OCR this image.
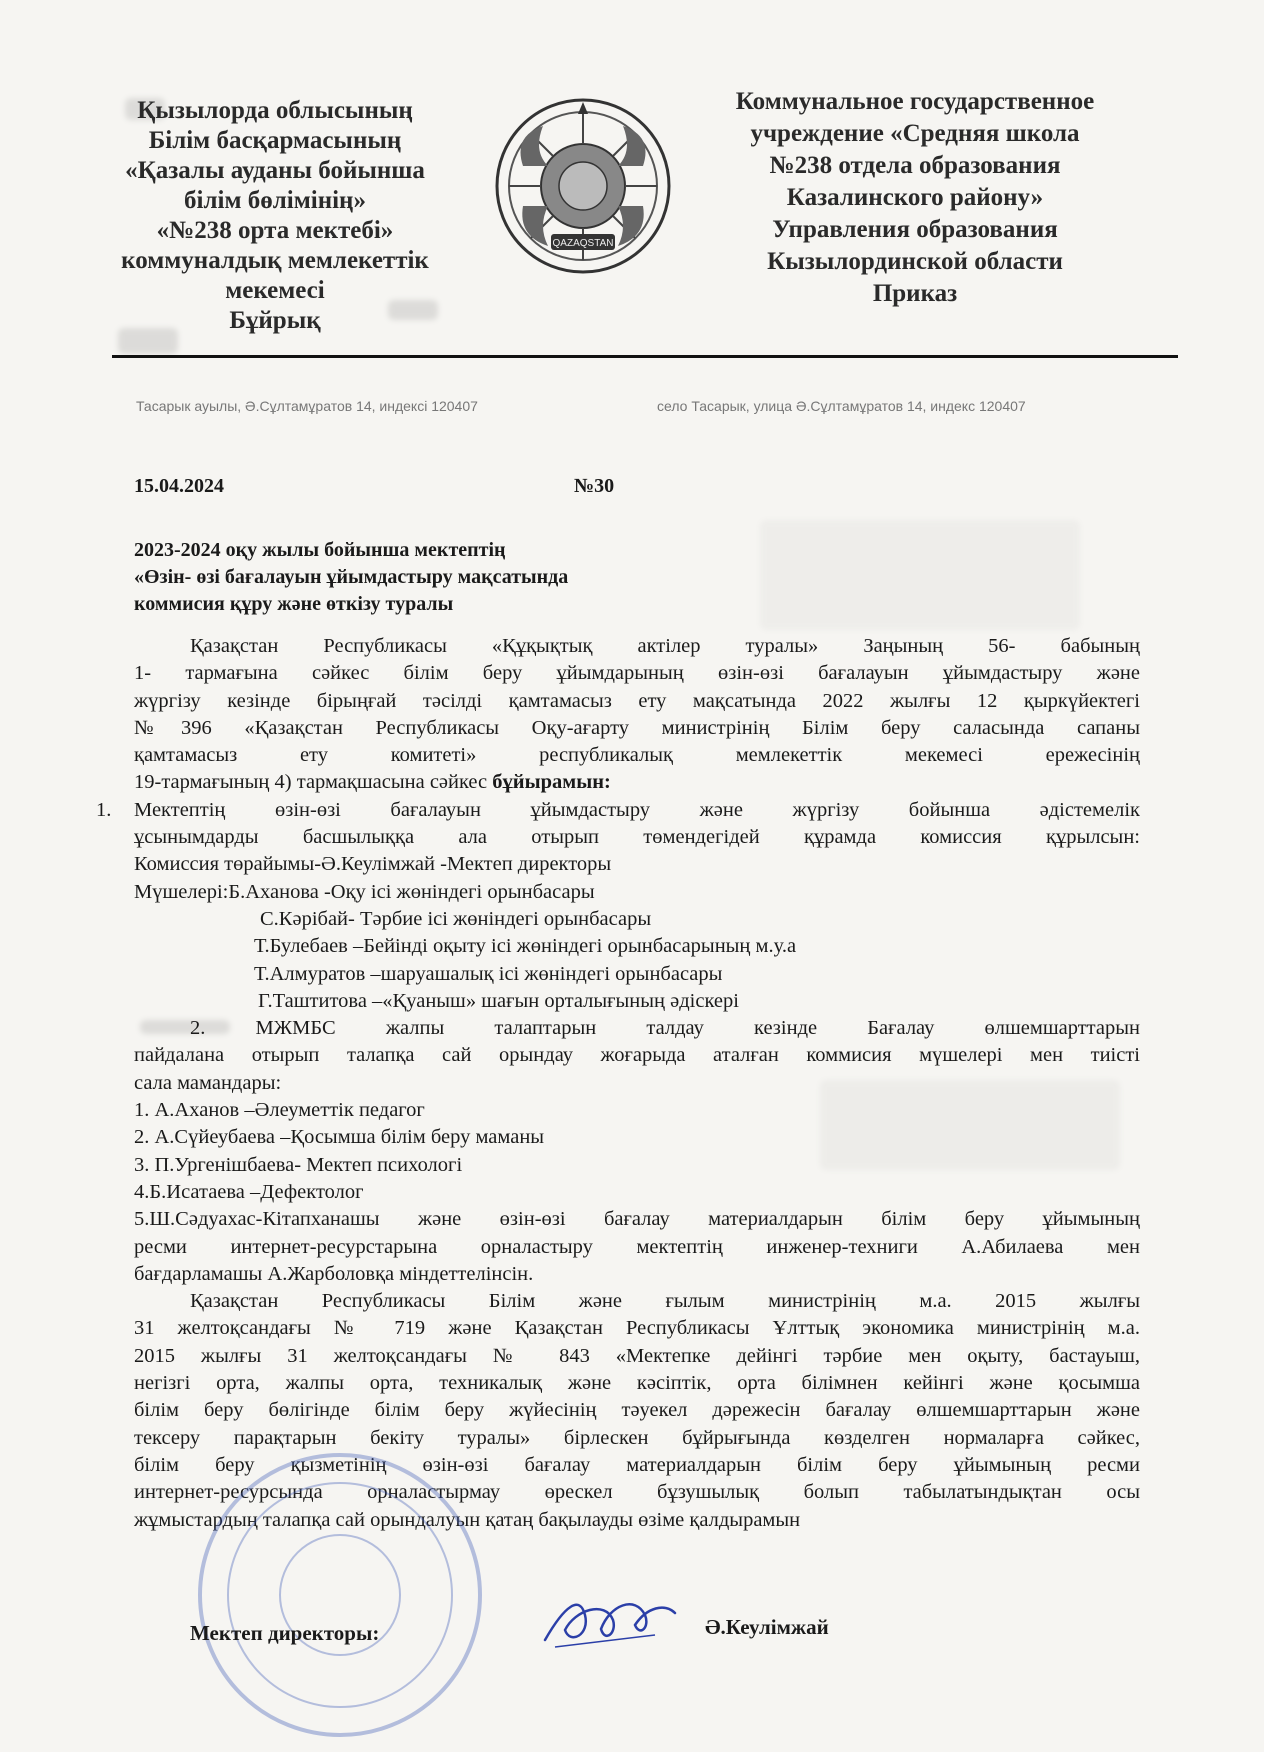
Қызылорда облысының
Білім басқармасының
«Қазалы ауданы бойынша
білім бөлімінің»
«№238 орта мектебі»
коммуналдық мемлекеттік
мекемесі
Бұйрық
QAZAQSTAN
Коммунальное государственное
учреждение «Средняя школа
№238 отдела образования
Казалинского району»
Управления образования
Кызылординской области
Приказ
Тасарык ауылы, Ә.Сұлтамұратов 14, индексі 120407	село Тасарык, улица Ә.Сұлтамұратов 14, индекс 120407
15.04.2024	№30
2023-2024 оқу жылы бойынша мектептің
«Өзін- өзі бағалауын ұйымдастыру мақсатында
коммисия құру және өткізу туралы
Қазақстан Республикасы «Құқықтық актілер туралы» Заңының 56- бабының
1- тармағына сәйкес білім беру ұйымдарының өзін-өзі бағалауын ұйымдастыру және
жүргізу кезінде бірыңғай тәсілді қамтамасыз ету мақсатында 2022 жылғы 12 қыркүйектегі
№396 «Қазақстан Республикасы Оқу-ағарту министрінің Білім беру саласында сапаны
қамтамасыз ету комитеті» республикалық мемлекеттік мекемесі ережесінің
19-тармағының 4) тармақшасына сәйкес бұйырамын:
1. Мектептің өзін-өзі бағалауын ұйымдастыру және жүргізу бойынша әдістемелік
ұсынымдарды басшылыққа ала отырып төмендегідей құрамда комиссия құрылсын:
Комиссия төрайымы-Ә.Кеулімжай -Мектеп директоры
Мүшелері:Б.Аханова -Оқу ісі жөніндегі орынбасары
С.Кәрібай- Тәрбие ісі жөніндегі орынбасары
Т.Булебаев –Бейінді оқыту ісі жөніндегі орынбасарының м.у.а
Т.Алмуратов –шаруашалық ісі жөніндегі орынбасары
Г.Таштитова –«Қуаныш» шағын орталығының әдіскері
2. МЖМБС жалпы талаптарын талдау кезінде Бағалау өлшемшарттарын
пайдалана отырып талапқа сай орындау жоғарыда аталған коммисия мүшелері мен тиісті
сала мамандары:
1. А.Аханов –Әлеуметтік педагог
2. А.Сүйеубаева –Қосымша білім беру маманы
3. П.Ургенішбаева- Мектеп психологі
4.Б.Исатаева –Дефектолог
5.Ш.Сәдуахас-Кітапханашы және өзін-өзі бағалау материалдарын білім беру ұйымының
ресми интернет-ресурстарына орналастыру мектептің инженер-техниги А.Абилаева мен
бағдарламашы А.Жарболовқа міндеттелінсін.
Қазақстан Республикасы Білім және ғылым министрінің м.а. 2015 жылғы
31 желтоқсандағы № 719 және Қазақстан Республикасы Ұлттық экономика министрінің м.а.
2015 жылғы 31 желтоқсандағы № 843 «Мектепке дейінгі тәрбие мен оқыту, бастауыш,
негізгі орта, жалпы орта, техникалық және кәсіптік, орта білімнен кейінгі және қосымша
білім беру бөлігінде білім беру жүйесінің тәуекел дәрежесін бағалау өлшемшарттарын және
тексеру парақтарын бекіту туралы» бірлескен бұйрығында көзделген нормаларға сәйкес,
білім беру қызметінің өзін-өзі бағалау материалдарын білім беру ұйымының ресми
интернет-ресурсында орналастырмау өрескел бұзушылық болып табылатындықтан осы
жұмыстардың талапқа сай орындалуын қатаң бақылауды өзіме қалдырамын
Мектеп директоры:	Ә.Кеулімжай
